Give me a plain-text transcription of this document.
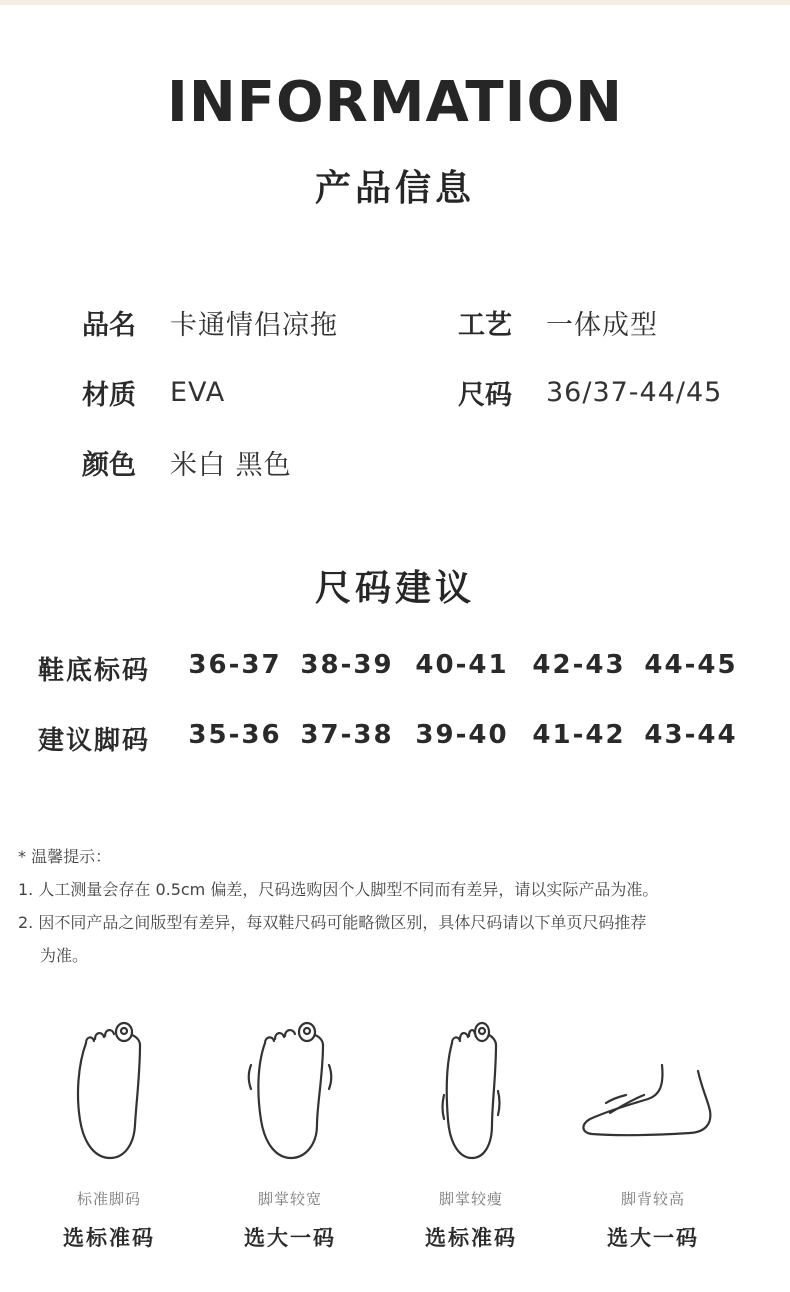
INFORMATION
产品信息
品名	卡通情侣凉拖	工艺	一体成型
材质	EVA	尺码	36/37-44/45
颜色	米白 黑色
尺码建议
鞋底标码	36-37 38-39 40-41 42-43 44-45
建议脚码	35-36 37-38 39-40 41-42 43-44
* 温馨提示：
1. 人工测量会存在 0.5cm 偏差，尺码选购因个人脚型不同而有差异，请以实际产品为准。
2. 因不同产品之间版型有差异，每双鞋尺码可能略微区别，具体尺码请以下单页尺码推荐
为准。
标准脚码
选标准码
脚掌较宽
选大一码
脚掌较瘦
选标准码
脚背较高
选大一码
